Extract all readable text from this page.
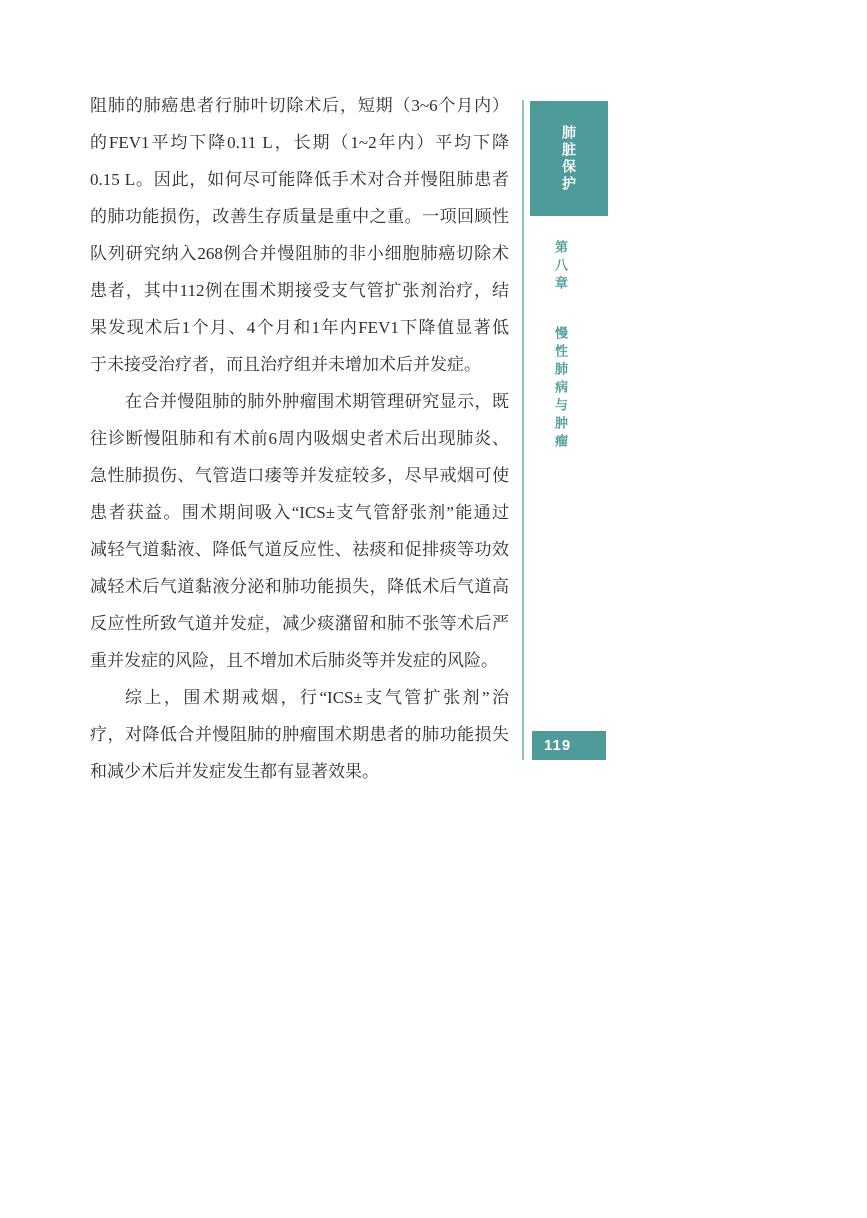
阻肺的肺癌患者行肺叶切除术后，短期（3~6个月内）
的FEV1平均下降0.11 L，长期（1~2年内）平均下降
0.15 L。因此，如何尽可能降低手术对合并慢阻肺患者
的肺功能损伤，改善生存质量是重中之重。一项回顾性
队列研究纳入268例合并慢阻肺的非小细胞肺癌切除术
患者，其中112例在围术期接受支气管扩张剂治疗，结
果发现术后1个月、4个月和1年内FEV1下降值显著低
于未接受治疗者，而且治疗组并未增加术后并发症。
在合并慢阻肺的肺外肿瘤围术期管理研究显示，既
往诊断慢阻肺和有术前6周内吸烟史者术后出现肺炎、
急性肺损伤、气管造口瘘等并发症较多，尽早戒烟可使
患者获益。围术期间吸入“ICS±支气管舒张剂”能通过
减轻气道黏液、降低气道反应性、祛痰和促排痰等功效
减轻术后气道黏液分泌和肺功能损失，降低术后气道高
反应性所致气道并发症，减少痰潴留和肺不张等术后严
重并发症的风险，且不增加术后肺炎等并发症的风险。
综上，围术期戒烟，行“ICS±支气管扩张剂”治
疗，对降低合并慢阻肺的肿瘤围术期患者的肺功能损失
和减少术后并发症发生都有显著效果。
肺脏保护
第八章 慢性肺病与肿瘤
119
